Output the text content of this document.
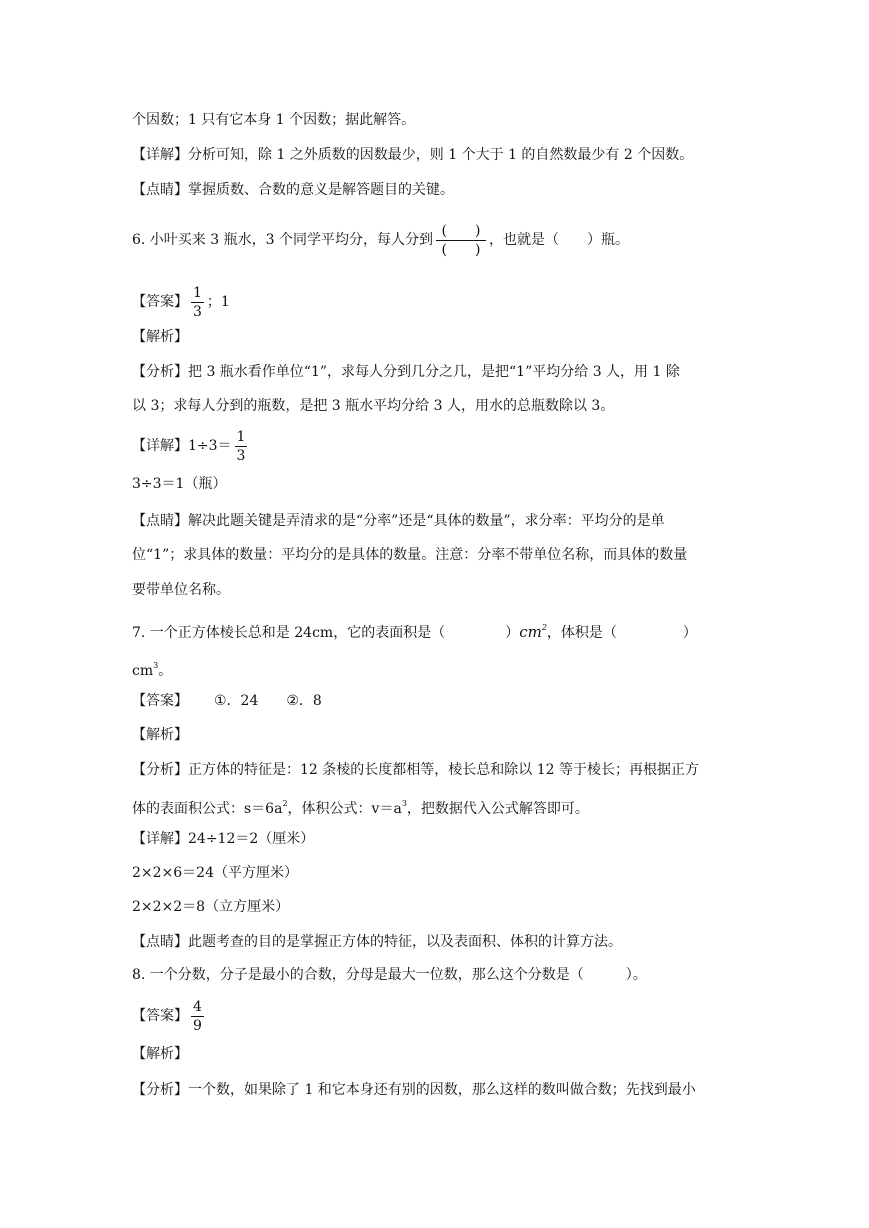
个因数；1 只有它本身 1 个因数；据此解答。
【详解】分析可知，除 1 之外质数的因数最少，则 1 个大于 1 的自然数最少有 2 个因数。
【点睛】掌握质数、合数的意义是解答题目的关键。
6. 小叶买来 3 瓶水，3 个同学平均分，每人分到 $\frac{( )}{( )}$ ，也就是（　　）瓶。
【答案】 $\frac{1}{3}$ ；1
【解析】
【分析】把 3 瓶水看作单位“1”，求每人分到几分之几，是把“1”平均分给 3 人，用 1 除
以 3；求每人分到的瓶数，是把 3 瓶水平均分给 3 人，用水的总瓶数除以 3。
【详解】$1\div 3= \frac{1}{3}$
3÷3＝1（瓶）
【点睛】解决此题关键是弄清求的是“分率”还是“具体的数量”，求分率：平均分的是单
位“1”；求具体的数量：平均分的是具体的数量。注意：分率不带单位名称，而具体的数量
要带单位名称。
7. 一个正方体棱长总和是 24cm，它的表面积是（	）$cm^2$，体积是（	）
$cm^3$。
【答案】 ①．24 ②．8
【解析】
【分析】正方体的特征是：12 条棱的长度都相等，棱长总和除以 12 等于棱长；再根据正方
体的表面积公式：$s=6a^2$，体积公式：$v=a^3$，把数据代入公式解答即可。
【详解】24÷12＝2（厘米）
2×2×6＝24（平方厘米）
2×2×2＝8（立方厘米）
【点睛】此题考查的目的是掌握正方体的特征，以及表面积、体积的计算方法。
8. 一个分数，分子是最小的合数，分母是最大一位数，那么这个分数是（　　　）。
【答案】 $\frac{4}{9}$
【解析】
【分析】一个数，如果除了 1 和它本身还有别的因数，那么这样的数叫做合数；先找到最小
